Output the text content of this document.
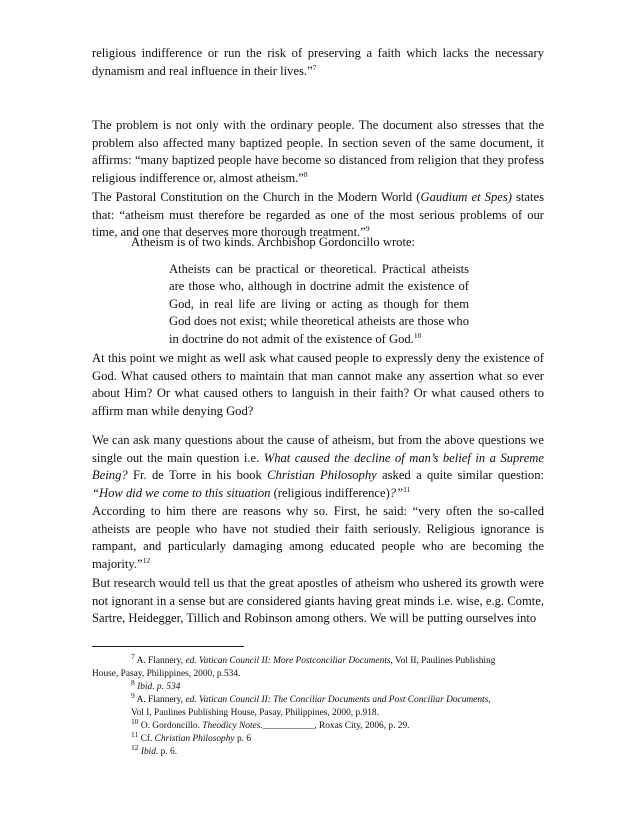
religious indifference or run the risk of preserving a faith which lacks the necessary dynamism and real influence in their lives.”$^7$

The problem is not only with the ordinary people. The document also stresses that the problem also affected many baptized people. In section seven of the same document, it affirms: “many baptized people have become so distanced from religion that they profess religious indifference or, almost atheism.”$^8$

The Pastoral Constitution on the Church in the Modern World (Gaudium et Spes) states that: “atheism must therefore be regarded as one of the most serious problems of our time, and one that deserves more thorough treatment.”$^9$

Atheism is of two kinds. Archbishop Gordoncillo wrote:

Atheists can be practical or theoretical. Practical atheists are those who, although in doctrine admit the existence of God, in real life are living or acting as though for them God does not exist; while theoretical atheists are those who in doctrine do not admit of the existence of God.$^{10}$

At this point we might as well ask what caused people to expressly deny the existence of God. What caused others to maintain that man cannot make any assertion what so ever about Him? Or what caused others to languish in their faith? Or what caused others to affirm man while denying God?

We can ask many questions about the cause of atheism, but from the above questions we single out the main question i.e. What caused the decline of man’s belief in a Supreme Being? Fr. de Torre in his book Christian Philosophy asked a quite similar question: “How did we come to this situation (religious indifference)?”$^{11}$

According to him there are reasons why so. First, he said: “very often the so-called atheists are people who have not studied their faith seriously. Religious ignorance is rampant, and particularly damaging among educated people who are becoming the majority.”$^{12}$

But research would tell us that the great apostles of atheism who ushered its growth were not ignorant in a sense but are considered giants having great minds i.e. wise, e.g. Comte, Sartre, Heidegger, Tillich and Robinson among others. We will be putting ourselves into

$^7$ A. Flannery, ed. Vatican Council II: More Postconciliar Documents, Vol II, Paulines Publishing
House, Pasay, Philippines, 2000, p.534.
$^8$ Ibid. p. 534
$^9$ A. Flannery, ed. Vatican Council II: The Conciliar Documents and Post Conciliar Documents,
Vol I, Paulines Publishing House, Pasay, Philippines, 2000, p.918.
$^{10}$ O. Gordoncillo. Theodicy Notes.___________, Roxas City, 2006, p. 29.
$^{11}$ Cf. Christian Philosophy p. 6
$^{12}$ Ibid. p. 6.
